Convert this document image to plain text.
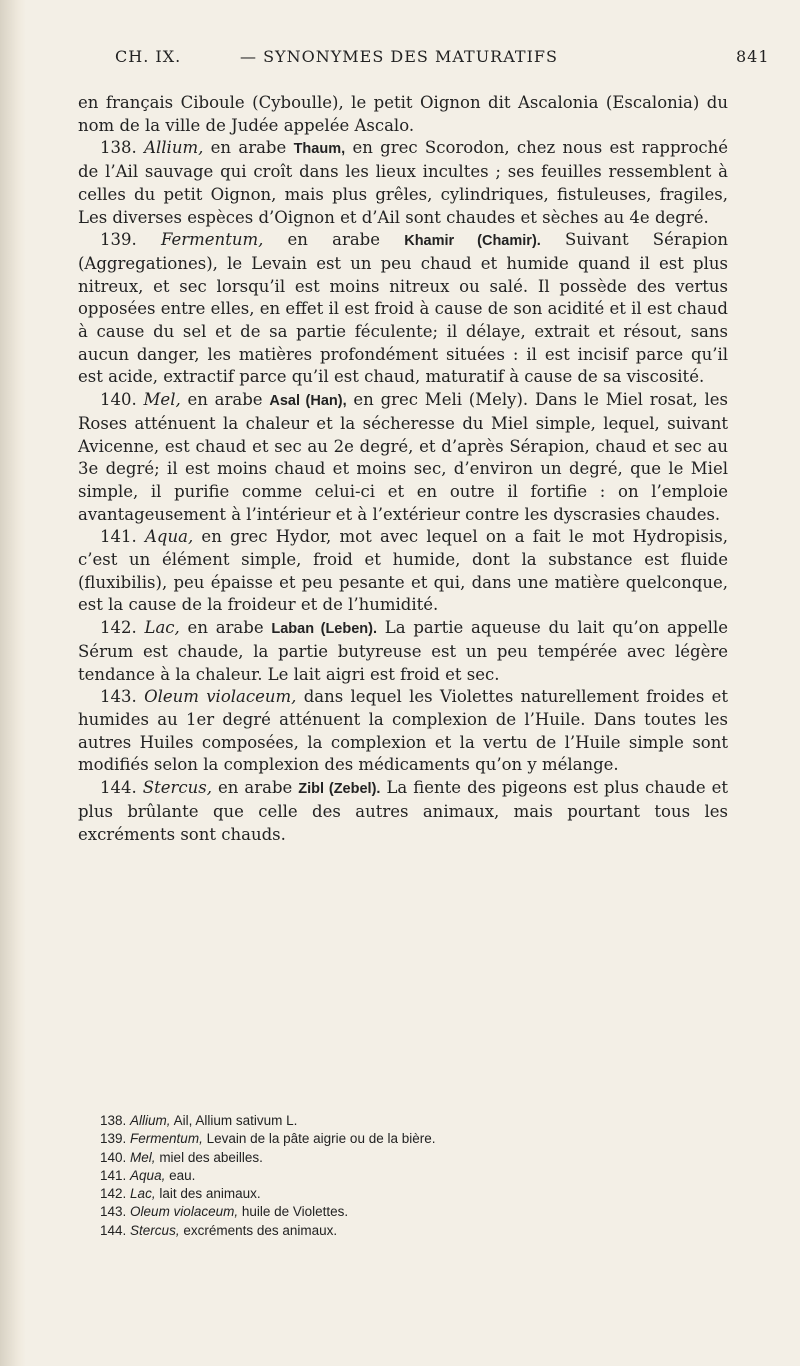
CH. IX.	— SYNONYMES DES MATURATIFS	841

en français Ciboule (Cyboulle), le petit Oignon dit Ascalonia (Escalonia) du nom de la ville de Judée appelée Ascalo.

138. Allium, en arabe Thaum, en grec Scorodon, chez nous est rapproché de l’Ail sauvage qui croît dans les lieux incultes ; ses feuilles ressemblent à celles du petit Oignon, mais plus grêles, cylindriques, fistuleuses, fragiles, Les diverses espèces d’Oignon et d’Ail sont chaudes et sèches au 4e degré.

139. Fermentum, en arabe Khamir (Chamir). Suivant Sérapion (Aggregationes), le Levain est un peu chaud et humide quand il est plus nitreux, et sec lorsqu’il est moins nitreux ou salé. Il possède des vertus opposées entre elles, en effet il est froid à cause de son acidité et il est chaud à cause du sel et de sa partie féculente; il délaye, extrait et résout, sans aucun danger, les matières profondément situées : il est incisif parce qu’il est acide, extractif parce qu’il est chaud, maturatif à cause de sa viscosité.

140. Mel, en arabe Asal (Han), en grec Meli (Mely). Dans le Miel rosat, les Roses atténuent la chaleur et la sécheresse du Miel simple, lequel, suivant Avicenne, est chaud et sec au 2e degré, et d’après Sérapion, chaud et sec au 3e degré; il est moins chaud et moins sec, d’environ un degré, que le Miel simple, il purifie comme celui-ci et en outre il fortifie : on l’emploie avantageusement à l’intérieur et à l’extérieur contre les dyscrasies chaudes.

141. Aqua, en grec Hydor, mot avec lequel on a fait le mot Hydropisis, c’est un élément simple, froid et humide, dont la substance est fluide (fluxibilis), peu épaisse et peu pesante et qui, dans une matière quelconque, est la cause de la froideur et de l’humidité.

142. Lac, en arabe Laban (Leben). La partie aqueuse du lait qu’on appelle Sérum est chaude, la partie butyreuse est un peu tempérée avec légère tendance à la chaleur. Le lait aigri est froid et sec.

143. Oleum violaceum, dans lequel les Violettes naturellement froides et humides au 1er degré atténuent la complexion de l’Huile. Dans toutes les autres Huiles composées, la complexion et la vertu de l’Huile simple sont modifiés selon la complexion des médicaments qu’on y mélange.

144. Stercus, en arabe Zibl (Zebel). La fiente des pigeons est plus chaude et plus brûlante que celle des autres animaux, mais pourtant tous les excréments sont chauds.

138. Allium, Ail, Allium sativum L.

139. Fermentum, Levain de la pâte aigrie ou de la bière.

140. Mel, miel des abeilles.

141. Aqua, eau.

142. Lac, lait des animaux.

143. Oleum violaceum, huile de Violettes.

144. Stercus, excréments des animaux.
